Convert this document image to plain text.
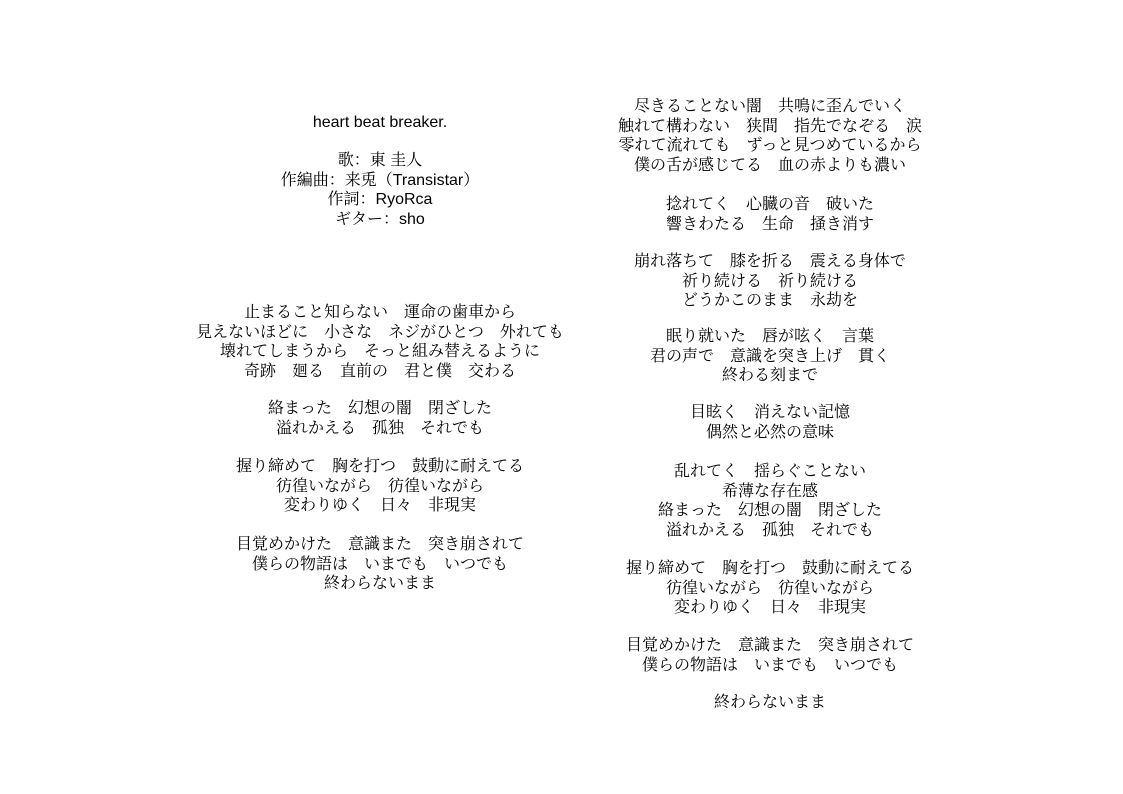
heart beat breaker.
歌：東 圭人
作編曲：来兎（Transistar）
作詞：RyoRca
ギター：sho
止まること知らない　運命の歯車から
見えないほどに　小さな　ネジがひとつ　外れても
壊れてしまうから　そっと組み替えるように
奇跡　廻る　直前の　君と僕　交わる
絡まった　幻想の闇　閉ざした
溢れかえる　孤独　それでも
握り締めて　胸を打つ　鼓動に耐えてる
彷徨いながら　彷徨いながら
変わりゆく　日々　非現実
目覚めかけた　意識また　突き崩されて
僕らの物語は　いまでも　いつでも
終わらないまま
尽きることない闇　共鳴に歪んでいく
触れて構わない　狭間　指先でなぞる　涙
零れて流れても　ずっと見つめているから
僕の舌が感じてる　血の赤よりも濃い
捻れてく　心臓の音　破いた
響きわたる　生命　掻き消す
崩れ落ちて　膝を折る　震える身体で
祈り続ける　祈り続ける
どうかこのまま　永劫を
眠り就いた　唇が呟く　言葉
君の声で　意識を突き上げ　貫く
終わる刻まで
目眩く　消えない記憶
偶然と必然の意味
乱れてく　揺らぐことない
希薄な存在感
絡まった　幻想の闇　閉ざした
溢れかえる　孤独　それでも
握り締めて　胸を打つ　鼓動に耐えてる
彷徨いながら　彷徨いながら
変わりゆく　日々　非現実
目覚めかけた　意識また　突き崩されて
僕らの物語は　いまでも　いつでも
終わらないまま
